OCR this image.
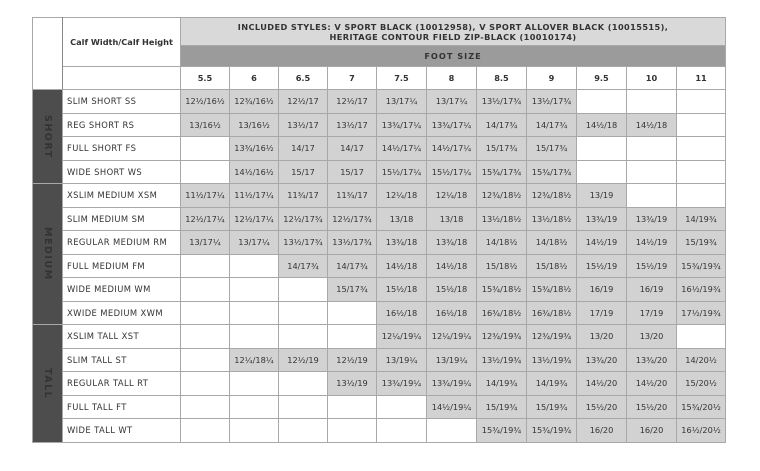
	Calf Width/Calf Height	INCLUDED STYLES: V SPORT BLACK (10012958), V SPORT ALLOVER BLACK (10015515),
HERITAGE CONTOUR FIELD ZIP-BLACK (10010174)										

		FOOT SIZE										
		5.5	6	6.5	7	7.5	8	8.5	9	9.5	10	11

SHORT	SLIM SHORT SS	12½/16½	12¾/16½	12½/17	12½/17	13/17¼	13/17¼	13½/17¾	13½/17¾			
	REG SHORT RS	13/16½	13/16½	13½/17	13½/17	13¾/17¼	13¾/17¼	14/17¾	14/17¾	14½/18	14½/18	
	FULL SHORT FS		13¾/16½	14/17	14/17	14½/17¼	14½/17¼	15/17¾	15/17¾			
	WIDE SHORT WS		14½/16½	15/17	15/17	15½/17¼	15½/17¼	15¾/17¾	15¾/17¾			

MEDIUM	XSLIM MEDIUM XSM	11½/17¼	11½/17¼	11¾/17	11¾/17	12¼/18	12¼/18	12¾/18½	12¾/18½	13/19		
	SLIM MEDIUM SM	12½/17¼	12½/17¼	12½/17¾	12½/17¾	13/18	13/18	13½/18½	13½/18½	13¾/19	13¾/19	14/19¾
	REGULAR MEDIUM RM	13/17¼	13/17¼	13½/17¾	13½/17¾	13¾/18	13¾/18	14/18½	14/18½	14½/19	14½/19	15/19¾
	FULL MEDIUM FM			14/17¾	14/17¾	14½/18	14½/18	15/18½	15/18½	15½/19	15½/19	15¾/19¾
	WIDE MEDIUM WM				15/17¾	15½/18	15½/18	15¾/18½	15¾/18½	16/19	16/19	16½/19¾
	XWIDE MEDIUM XWM					16½/18	16½/18	16¾/18½	16¾/18½	17/19	17/19	17½/19¾

TALL	XSLIM TALL XST					12¼/19¼	12¼/19¼	12¾/19¾	12¾/19¾	13/20	13/20	
	SLIM TALL ST		12¼/18¼	12½/19	12½/19	13/19¼	13/19¼	13½/19¾	13½/19¾	13¾/20	13¾/20	14/20½
	REGULAR TALL RT				13½/19	13¾/19¼	13¾/19¼	14/19¾	14/19¾	14½/20	14½/20	15/20½
	FULL TALL FT						14½/19¼	15/19¾	15/19¾	15½/20	15½/20	15¾/20½
	WIDE TALL WT							15¾/19¾	15¾/19¾	16/20	16/20	16½/20½
